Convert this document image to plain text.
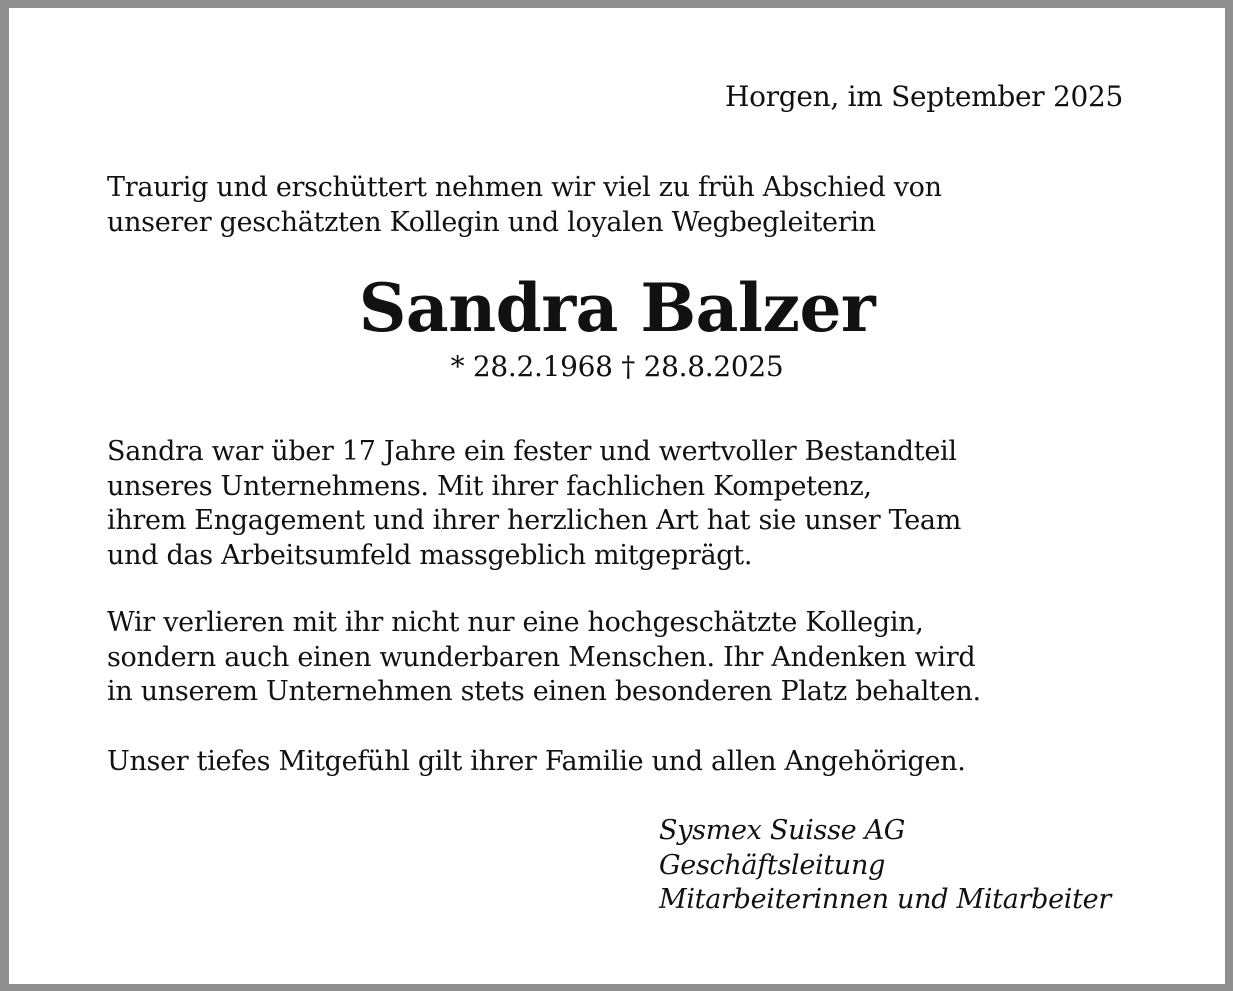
Horgen, im September 2025

Traurig und erschüttert nehmen wir viel zu früh Abschied von
unserer geschätzten Kollegin und loyalen Wegbegleiterin
Sandra Balzer

* 28.2.1968 † 28.8.2025

Sandra war über 17 Jahre ein fester und wertvoller Bestandteil
unseres Unternehmens. Mit ihrer fachlichen Kompetenz,
ihrem Engagement und ihrer herzlichen Art hat sie unser Team
und das Arbeitsumfeld massgeblich mitgeprägt.
Wir verlieren mit ihr nicht nur eine hochgeschätzte Kollegin,
sondern auch einen wunderbaren Menschen. Ihr Andenken wird
in unserem Unternehmen stets einen besonderen Platz behalten.
Unser tiefes Mitgefühl gilt ihrer Familie und allen Angehörigen.
Sysmex Suisse AG
Geschäftsleitung
Mitarbeiterinnen und Mitarbeiter
